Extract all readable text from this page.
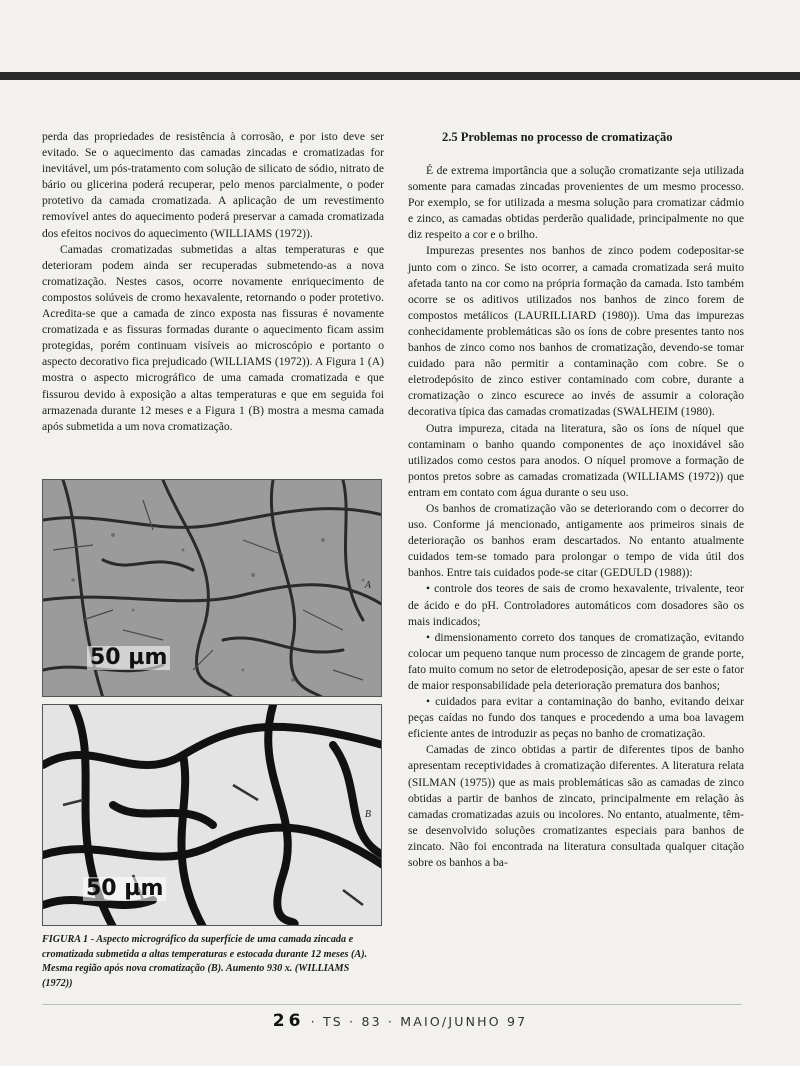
perda das propriedades de resistência à corrosão, e por isto deve ser evitado. Se o aquecimento das camadas zincadas e cromatizadas for inevitável, um pós-tratamento com solução de silicato de sódio, nitrato de bário ou glicerina poderá recuperar, pelo menos parcialmente, o poder protetivo da camada cromatizada. A aplicação de um revestimento removível antes do aquecimento poderá preservar a camada cromatizada dos efeitos nocivos do aquecimento (WILLIAMS (1972)).

Camadas cromatizadas submetidas a altas temperaturas e que deterioram podem ainda ser recuperadas submetendo-as a nova cromatização. Nestes casos, ocorre novamente enriquecimento de compostos solúveis de cromo hexavalente, retornando o poder protetivo. Acredita-se que a camada de zinco exposta nas fissuras é novamente cromatizada e as fissuras formadas durante o aquecimento ficam assim protegidas, porém continuam visíveis ao microscópio e portanto o aspecto decorativo fica prejudicado (WILLIAMS (1972)). A Figura 1 (A) mostra o aspecto micrográfico de uma camada cromatizada e que fissurou devido à exposição a altas temperaturas e que em seguida foi armazenada durante 12 meses e a Figura 1 (B) mostra a mesma camada após submetida a um nova cromatização.

A
50 µm
B
50 µm
FIGURA 1 - Aspecto micrográfico da superfície de uma camada zincada e cromatizada submetida a altas temperaturas e estocada durante 12 meses (A). Mesma região após nova cromatização (B). Aumento 930 x. (WILLIAMS (1972))

2.5 Problemas no processo de cromatização

É de extrema importância que a solução cromatizante seja utilizada somente para camadas zincadas provenientes de um mesmo processo. Por exemplo, se for utilizada a mesma solução para cromatizar cádmio e zinco, as camadas obtidas perderão qualidade, principalmente no que diz respeito a cor e o brilho.

Impurezas presentes nos banhos de zinco podem codepositar-se junto com o zinco. Se isto ocorrer, a camada cromatizada será muito afetada tanto na cor como na própria formação da camada. Isto também ocorre se os aditivos utilizados nos banhos de zinco forem de compostos metálicos (LAURILLIARD (1980)). Uma das impurezas conhecidamente problemáticas são os íons de cobre presentes tanto nos banhos de zinco como nos banhos de cromatização, devendo-se tomar cuidado para não permitir a contaminação com cobre. Se o eletrodepósito de zinco estiver contaminado com cobre, durante a cromatização o zinco escurece ao invés de assumir a coloração decorativa típica das camadas cromatizadas (SWALHEIM (1980).

Outra impureza, citada na literatura, são os íons de níquel que contaminam o banho quando componentes de aço inoxidável são utilizados como cestos para anodos. O níquel promove a formação de pontos pretos sobre as camadas cromatizada (WILLIAMS (1972)) que entram em contato com água durante o seu uso.

Os banhos de cromatização vão se deteriorando com o decorrer do uso. Conforme já mencionado, antigamente aos primeiros sinais de deterioração os banhos eram descartados. No entanto atualmente cuidados tem-se tomado para prolongar o tempo de vida útil dos banhos. Entre tais cuidados pode-se citar (GEDULD (1988)):

• controle dos teores de sais de cromo hexavalente, trivalente, teor de ácido e do pH. Controladores automáticos com dosadores são os mais indicados;

• dimensionamento correto dos tanques de cromatização, evitando colocar um pequeno tanque num processo de zincagem de grande porte, fato muito comum no setor de eletrodeposição, apesar de ser este o fator de maior responsabilidade pela deterioração prematura dos banhos;

• cuidados para evitar a contaminação do banho, evitando deixar peças caídas no fundo dos tanques e procedendo a uma boa lavagem eficiente antes de introduzir as peças no banho de cromatização.

Camadas de zinco obtidas a partir de diferentes tipos de banho apresentam receptividades à cromatização diferentes. A literatura relata (SILMAN (1975)) que as mais problemáticas são as camadas de zinco obtidas a partir de banhos de zincato, principalmente em relação às camadas cromatizadas azuis ou incolores. No entanto, atualmente, têm-se desenvolvido soluções cromatizantes especiais para banhos de zincato. Não foi encontrada na literatura consultada qualquer citação sobre os banhos a ba-

26 · TS · 83 · MAIO/JUNHO 97
